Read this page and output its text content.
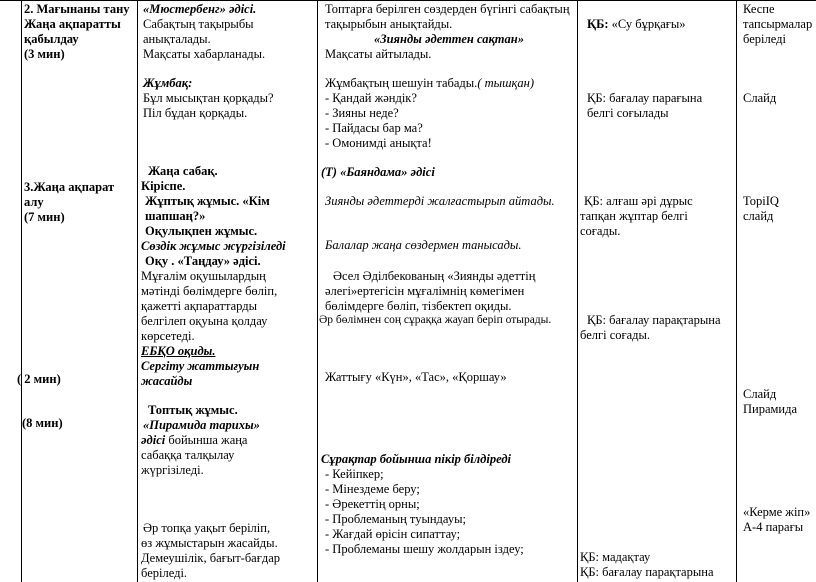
2. Мағынаны тану
Жаңа ақпаратты
қабылдау
(3 мин)
3.Жаңа ақпарат
алу
(7 мин)
( 2 мин)
(8 мин)
«Мюстербенг» әдісі.
Сабақтың тақырыбы
анықталады.
Мақсаты хабарланады.
Жұмбақ:
Бұл мысықтан қорқады?
Піл бұдан қорқады.
Жаңа сабақ.
Кіріспе.
Жұптық жұмыс. «Кім
шапшаң?»
Оқулықпен жұмыс.
Сөздік жұмыс жүргізіледі
Оқу . «Таңдау» әдісі.
Мұғалім оқушылардың
мәтінді бөлімдерге бөліп,
қажетті ақпараттарды
белгілеп оқуына қолдау
көрсетеді.
ЕБҚО оқиды.
Сергіту жаттығуын
жасайды
Топтық жұмыс.
«Пирамида тарихы»
әдісі бойынша жаңа
сабаққа талқылау
жүргізіледі.
Әр топқа уақыт беріліп,
өз жұмыстарын жасайды.
Демеушілік, бағыт-бағдар
беріледі.
Топтарға берілген сөздерден бүгінгі сабақтың
тақырыбын анықтайды.
«Зиянды әдеттен сақтан»
Мақсаты айтылады.
Жұмбақтың шешуін табады.( тышқан)
- Қандай жәндік?
- Зияны неде?
- Пайдасы бар ма?
- Омонимді анықта!
(Т) «Баяндама» әдісі
Зиянды әдеттерді жалғастырып айтады.
Балалар жаңа сөздермен танысады.
Әсел Әділбекованың «Зиянды әдеттің
әлегі»ертегісін мұғалімнің көмегімен
бөлімдерге бөліп, тізбектеп оқиды.
Әр бөлімнен соң сұраққа жауап беріп отырады.
Жаттығу «Күн», «Тас», «Қоршау»
Сұрақтар бойынша пікір білдіреді
- Кейіпкер;
- Мінездеме беру;
- Әрекеттің орны;
- Проблеманың туындауы;
- Жағдай өрісін сипаттау;
- Проблеманы шешу жолдарын іздеу;
ҚБ: «Су бұрқағы»
ҚБ: бағалау парағына
белгі соғылады
ҚБ: алғаш әрі дұрыс
тапқан жұптар белгі
соғады.
ҚБ: бағалау парақтарына
белгі соғады.
ҚБ: мадақтау
ҚБ: бағалау парақтарына
Кеспе
тапсырмалар
беріледі
Слайд
TopiIQ
слайд
Слайд
Пирамида
«Керме жіп»
А-4 парағы
